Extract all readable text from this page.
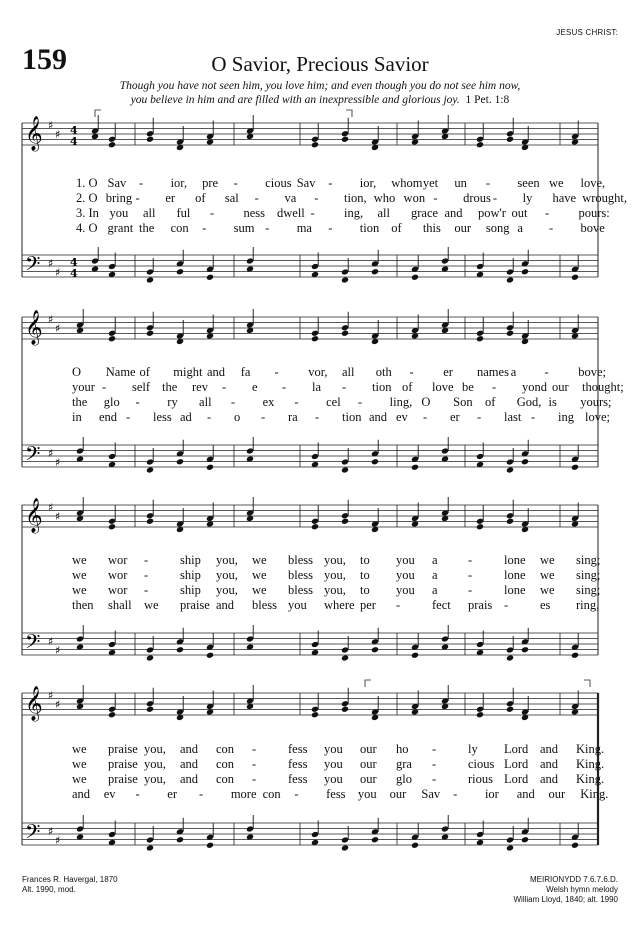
JESUS CHRIST:
159	O Savior, Precious Savior
Though you have not seen him, you love him; and even though you do not see him now,
you believe in him and are filled with an inexpressible and glorious joy. 1 Pet. 1:8
𝄞
𝄢
♯
♯
♯
♯
4
4
4
4
𝄞
𝄢
♯
♯
♯
♯
𝄞
𝄢
♯
♯
♯
♯
𝄞
𝄢
♯
♯
♯
♯
1. O Sav - ior, pre - cious Sav - ior, whom yet un - seen we love,
2. O bring - er of sal - va - tion, who won - drous - ly have wrought,
3. In you all ful - ness dwell - ing, all grace and pow'r out - pours:
4. O grant the con - sum - ma - tion of this our song a - bove
O Name of might and fa - vor, all oth - er names a - bove;
your - self the rev - e - la - tion of love be - yond our thought;
the glo - ry all - ex - cel - ling, O Son of God, is yours;
in end - less ad - o - ra - tion and ev - er - last - ing love;
we wor -	ship you, we bless you, to you a -	lone we sing;
we wor -	ship you, we bless you, to you a -	lone we sing;
we wor -	ship you, we bless you, to you a -	lone we sing;
then shall we praise and bless you where per -	fect prais -	es ring,
we praise you, and con -	fess you our ho -	ly Lord and King.
we praise you, and con -	fess you our gra -	cious Lord and King.
we praise you, and con -	fess you our glo -	rious Lord and King.
and ev - er - more con - fess you our Sav - ior and our King.
Frances R. Havergal, 1870
Alt. 1990, mod.
MEIRIONYDD 7.6.7.6.D.
Welsh hymn melody
William Lloyd, 1840; alt. 1990
